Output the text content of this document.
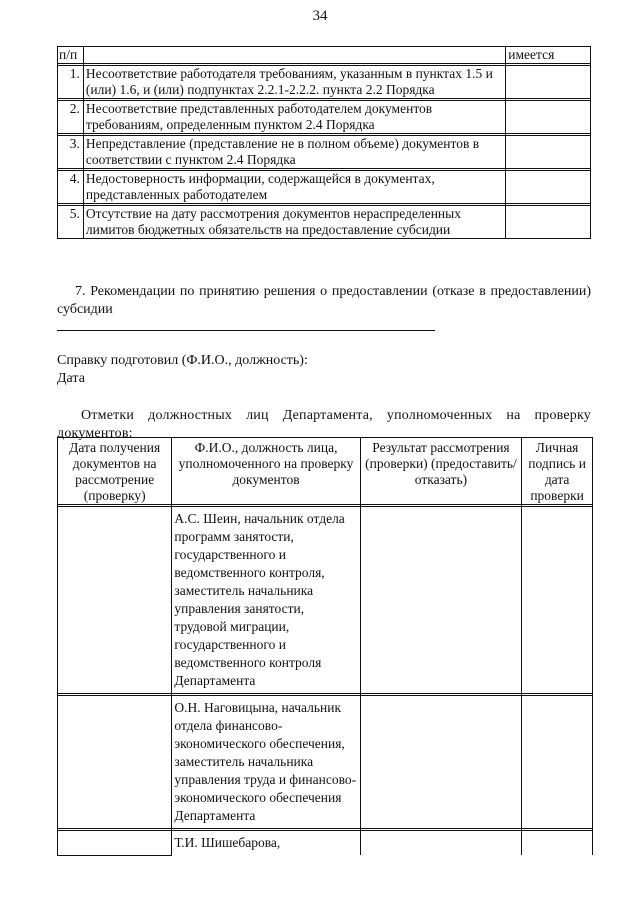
34
п/п		имеется

1.	Несоответствие работодателя требованиям, указанным в пунктах 1.5 и (или) 1.6, и (или) подпунктах 2.2.1-2.2.2. пункта 2.2 Порядка	

2.	Несоответствие представленных работодателем документов требованиям, определенным пунктом 2.4 Порядка	

3.	Непредставление (представление не в полном объеме) документов в соответствии с пунктом 2.4 Порядка	

4.	Недостоверность информации, содержащейся в документах, представленных работодателем	

5.	Отсутствие на дату рассмотрения документов нераспределенных лимитов бюджетных обязательств на предоставление субсидии	
7. Рекомендации по принятию решения о предоставлении (отказе в предоставлении) субсидии
Справку подготовил (Ф.И.О., должность):
Дата
Отметки должностных лиц Департамента, уполномоченных на проверку документов:
Дата получения документов на рассмотрение (проверку)	Ф.И.О., должность лица, уполномоченного на проверку документов	Результат рассмотрения (проверки) (предоставить/отказать)	Личная подпись и дата проверки

	А.С. Шеин, начальник отдела программ занятости, государственного и ведомственного контроля, заместитель начальника управления занятости, трудовой миграции, государственного и ведомственного контроля Департамента		

	О.Н. Наговицына, начальник отдела финансово-экономического обеспечения, заместитель начальника управления труда и финансово-экономического обеспечения Департамента		

	Т.И. Шишебарова,		
